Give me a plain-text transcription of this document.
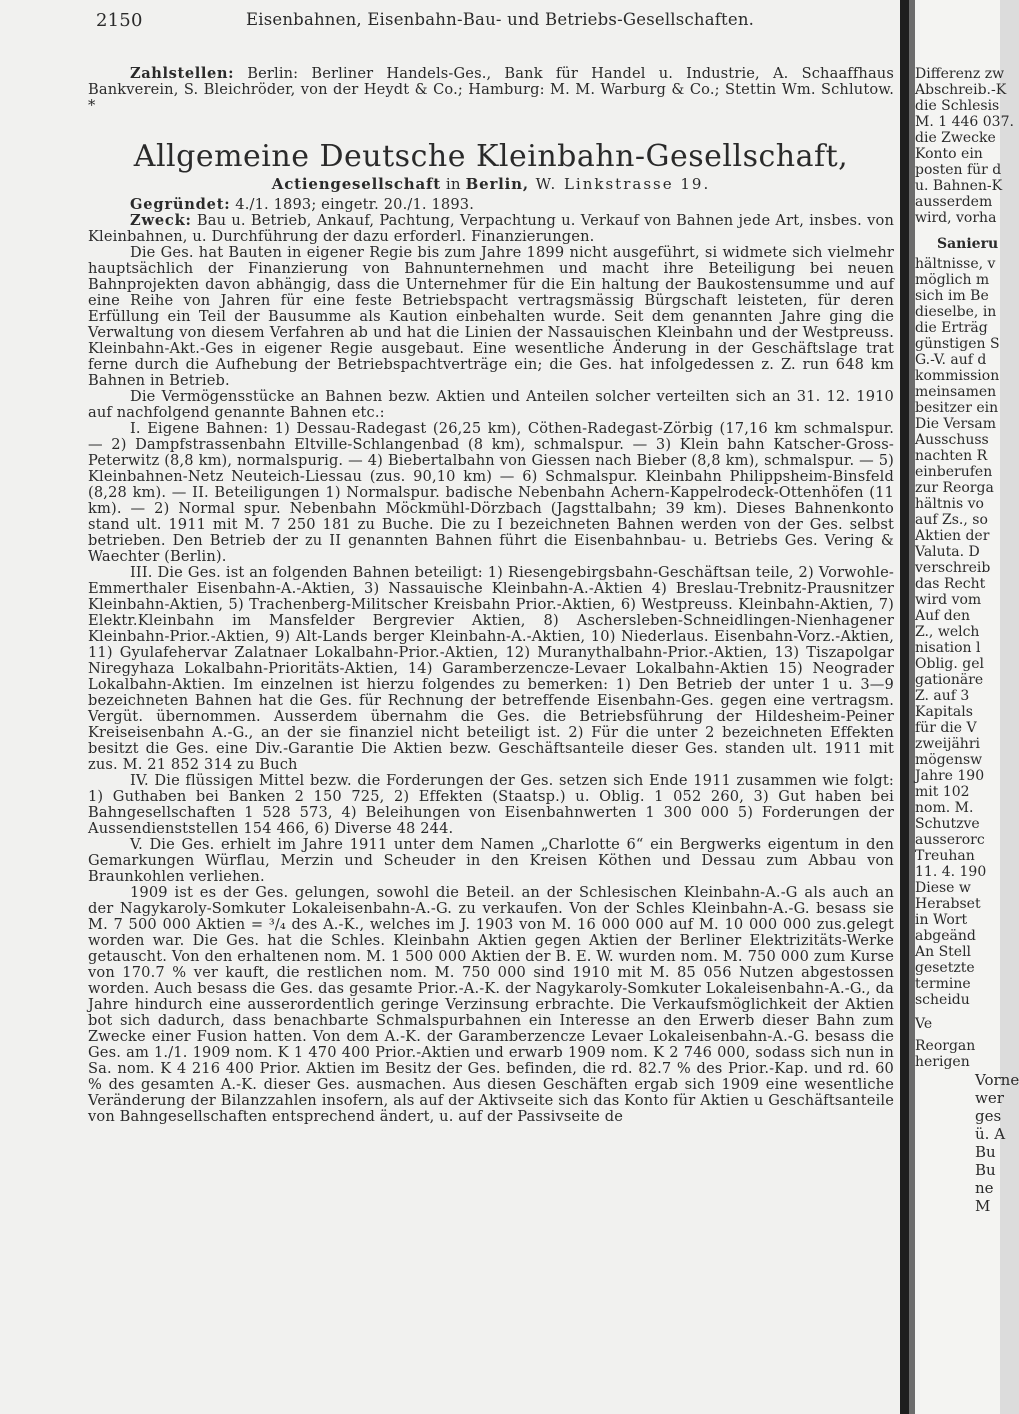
2150	Eisenbahnen, Eisenbahn-Bau- und Betriebs-Gesellschaften.

Zahlstellen: Berlin: Berliner Handels-Ges., Bank für Handel u. Industrie, A. Schaaffhaus Bankverein, S. Bleichröder, von der Heydt & Co.; Hamburg: M. M. Warburg & Co.; Stettin Wm. Schlutow. *

Allgemeine Deutsche Kleinbahn-Gesellschaft,
Actiengesellschaft in Berlin, W. Linkstrasse 19.

Gegründet: 4./1. 1893; eingetr. 20./1. 1893.

Zweck: Bau u. Betrieb, Ankauf, Pachtung, Verpachtung u. Verkauf von Bahnen jede Art, insbes. von Kleinbahnen, u. Durchführung der dazu erforderl. Finanzierungen.

Die Ges. hat Bauten in eigener Regie bis zum Jahre 1899 nicht ausgeführt, si widmete sich vielmehr hauptsächlich der Finanzierung von Bahnunternehmen und macht ihre Beteiligung bei neuen Bahnprojekten davon abhängig, dass die Unternehmer für die Ein haltung der Baukostensumme und auf eine Reihe von Jahren für eine feste Betriebspacht vertragsmässig Bürgschaft leisteten, für deren Erfüllung ein Teil der Bausumme als Kaution einbehalten wurde. Seit dem genannten Jahre ging die Verwaltung von diesem Verfahren ab und hat die Linien der Nassauischen Kleinbahn und der Westpreuss. Kleinbahn-Akt.-Ges in eigener Regie ausgebaut. Eine wesentliche Änderung in der Geschäftslage trat ferne durch die Aufhebung der Betriebspachtverträge ein; die Ges. hat infolgedessen z. Z. run 648 km Bahnen in Betrieb.

Die Vermögensstücke an Bahnen bezw. Aktien und Anteilen solcher verteilten sich an 31. 12. 1910 auf nachfolgend genannte Bahnen etc.:

I. Eigene Bahnen: 1) Dessau-Radegast (26,25 km), Cöthen-Radegast-Zörbig (17,16 km schmalspur. — 2) Dampfstrassenbahn Eltville-Schlangenbad (8 km), schmalspur. — 3) Klein bahn Katscher-Gross-Peterwitz (8,8 km), normalspurig. — 4) Biebertalbahn von Giessen nach Bieber (8,8 km), schmalspur. — 5) Kleinbahnen-Netz Neuteich-Liessau (zus. 90,10 km) — 6) Schmalspur. Kleinbahn Philippsheim-Binsfeld (8,28 km). — II. Beteiligungen 1) Normalspur. badische Nebenbahn Achern-Kappelrodeck-Ottenhöfen (11 km). — 2) Normal spur. Nebenbahn Möckmühl-Dörzbach (Jagsttalbahn; 39 km). Dieses Bahnenkonto stand ult. 1911 mit M. 7 250 181 zu Buche. Die zu I bezeichneten Bahnen werden von der Ges. selbst betrieben. Den Betrieb der zu II genannten Bahnen führt die Eisenbahnbau- u. Betriebs Ges. Vering & Waechter (Berlin).

III. Die Ges. ist an folgenden Bahnen beteiligt: 1) Riesengebirgsbahn-Geschäftsan teile, 2) Vorwohle-Emmerthaler Eisenbahn-A.-Aktien, 3) Nassauische Kleinbahn-A.-Aktien 4) Breslau-Trebnitz-Prausnitzer Kleinbahn-Aktien, 5) Trachenberg-Militscher Kreisbahn Prior.-Aktien, 6) Westpreuss. Kleinbahn-Aktien, 7) Elektr.Kleinbahn im Mansfelder Bergrevier Aktien, 8) Aschersleben-Schneidlingen-Nienhagener Kleinbahn-Prior.-Aktien, 9) Alt-Lands berger Kleinbahn-A.-Aktien, 10) Niederlaus. Eisenbahn-Vorz.-Aktien, 11) Gyulafehervar Zalatnaer Lokalbahn-Prior.-Aktien, 12) Muranythalbahn-Prior.-Aktien, 13) Tiszapolgar Niregyhaza Lokalbahn-Prioritäts-Aktien, 14) Garamberzencze-Levaer Lokalbahn-Aktien 15) Neograder Lokalbahn-Aktien. Im einzelnen ist hierzu folgendes zu bemerken: 1) Den Betrieb der unter 1 u. 3—9 bezeichneten Bahnen hat die Ges. für Rechnung der betreffende Eisenbahn-Ges. gegen eine vertragsm. Vergüt. übernommen. Ausserdem übernahm die Ges. die Betriebsführung der Hildesheim-Peiner Kreiseisenbahn A.-G., an der sie finanziel nicht beteiligt ist. 2) Für die unter 2 bezeichneten Effekten besitzt die Ges. eine Div.-Garantie Die Aktien bezw. Geschäftsanteile dieser Ges. standen ult. 1911 mit zus. M. 21 852 314 zu Buch

IV. Die flüssigen Mittel bezw. die Forderungen der Ges. setzen sich Ende 1911 zusammen wie folgt: 1) Guthaben bei Banken 2 150 725, 2) Effekten (Staatsp.) u. Oblig. 1 052 260, 3) Gut haben bei Bahngesellschaften 1 528 573, 4) Beleihungen von Eisenbahnwerten 1 300 000 5) Forderungen der Aussendienststellen 154 466, 6) Diverse 48 244.

V. Die Ges. erhielt im Jahre 1911 unter dem Namen „Charlotte 6“ ein Bergwerks eigentum in den Gemarkungen Würflau, Merzin und Scheuder in den Kreisen Köthen und Dessau zum Abbau von Braunkohlen verliehen.

1909 ist es der Ges. gelungen, sowohl die Beteil. an der Schlesischen Kleinbahn-A.-G als auch an der Nagykaroly-Somkuter Lokaleisenbahn-A.-G. zu verkaufen. Von der Schles Kleinbahn-A.-G. besass sie M. 7 500 000 Aktien = ³/₄ des A.-K., welches im J. 1903 von M. 16 000 000 auf M. 10 000 000 zus.gelegt worden war. Die Ges. hat die Schles. Kleinbahn Aktien gegen Aktien der Berliner Elektrizitäts-Werke getauscht. Von den erhaltenen nom. M. 1 500 000 Aktien der B. E. W. wurden nom. M. 750 000 zum Kurse von 170.7 % ver kauft, die restlichen nom. M. 750 000 sind 1910 mit M. 85 056 Nutzen abgestossen worden. Auch besass die Ges. das gesamte Prior.-A.-K. der Nagykaroly-Somkuter Lokaleisenbahn-A.-G., da Jahre hindurch eine ausserordentlich geringe Verzinsung erbrachte. Die Verkaufsmöglichkeit der Aktien bot sich dadurch, dass benachbarte Schmalspurbahnen ein Interesse an den Erwerb dieser Bahn zum Zwecke einer Fusion hatten. Von dem A.-K. der Garamberzencze Levaer Lokaleisenbahn-A.-G. besass die Ges. am 1./1. 1909 nom. K 1 470 400 Prior.-Aktien und erwarb 1909 nom. K 2 746 000, sodass sich nun in Sa. nom. K 4 216 400 Prior. Aktien im Besitz der Ges. befinden, die rd. 82.7 % des Prior.-Kap. und rd. 60 % des gesamten A.-K. dieser Ges. ausmachen. Aus diesen Geschäften ergab sich 1909 eine wesentliche Veränderung der Bilanzzahlen insofern, als auf der Aktivseite sich das Konto für Aktien u Geschäftsanteile von Bahngesellschaften entsprechend ändert, u. auf der Passivseite de

Differenz zw
Abschreib.-K
die Schlesis
M. 1 446 037.
die Zwecke
Konto ein
posten für d
u. Bahnen-K
ausserdem
wird, vorha
Sanieru
hältnisse, v
möglich m
sich im Be
dieselbe, in
die Erträg
günstigen S
G.-V. auf d
kommission
meinsamen
besitzer ein
Die Versam
Ausschuss
nachten R
einberufen
zur Reorga
hältnis vo
auf Zs., so
Aktien der
Valuta. D
verschreib
das Recht
wird vom
Auf den
Z., welch
nisation l
Oblig. gel
gationäre
Z. auf 3
Kapitals
für die V
zweijähri
mögensw
Jahre 190
mit 102
nom. M.
Schutzve
ausserorc
Treuhan
11. 4. 190
Diese w
Herabset
in Wort
abgeänd
An Stell
gesetzte
termine
scheidu
Ve
Reorgan
herigen
Vorne
wer
ges
ü. A
Bu
Bu
ne
M
